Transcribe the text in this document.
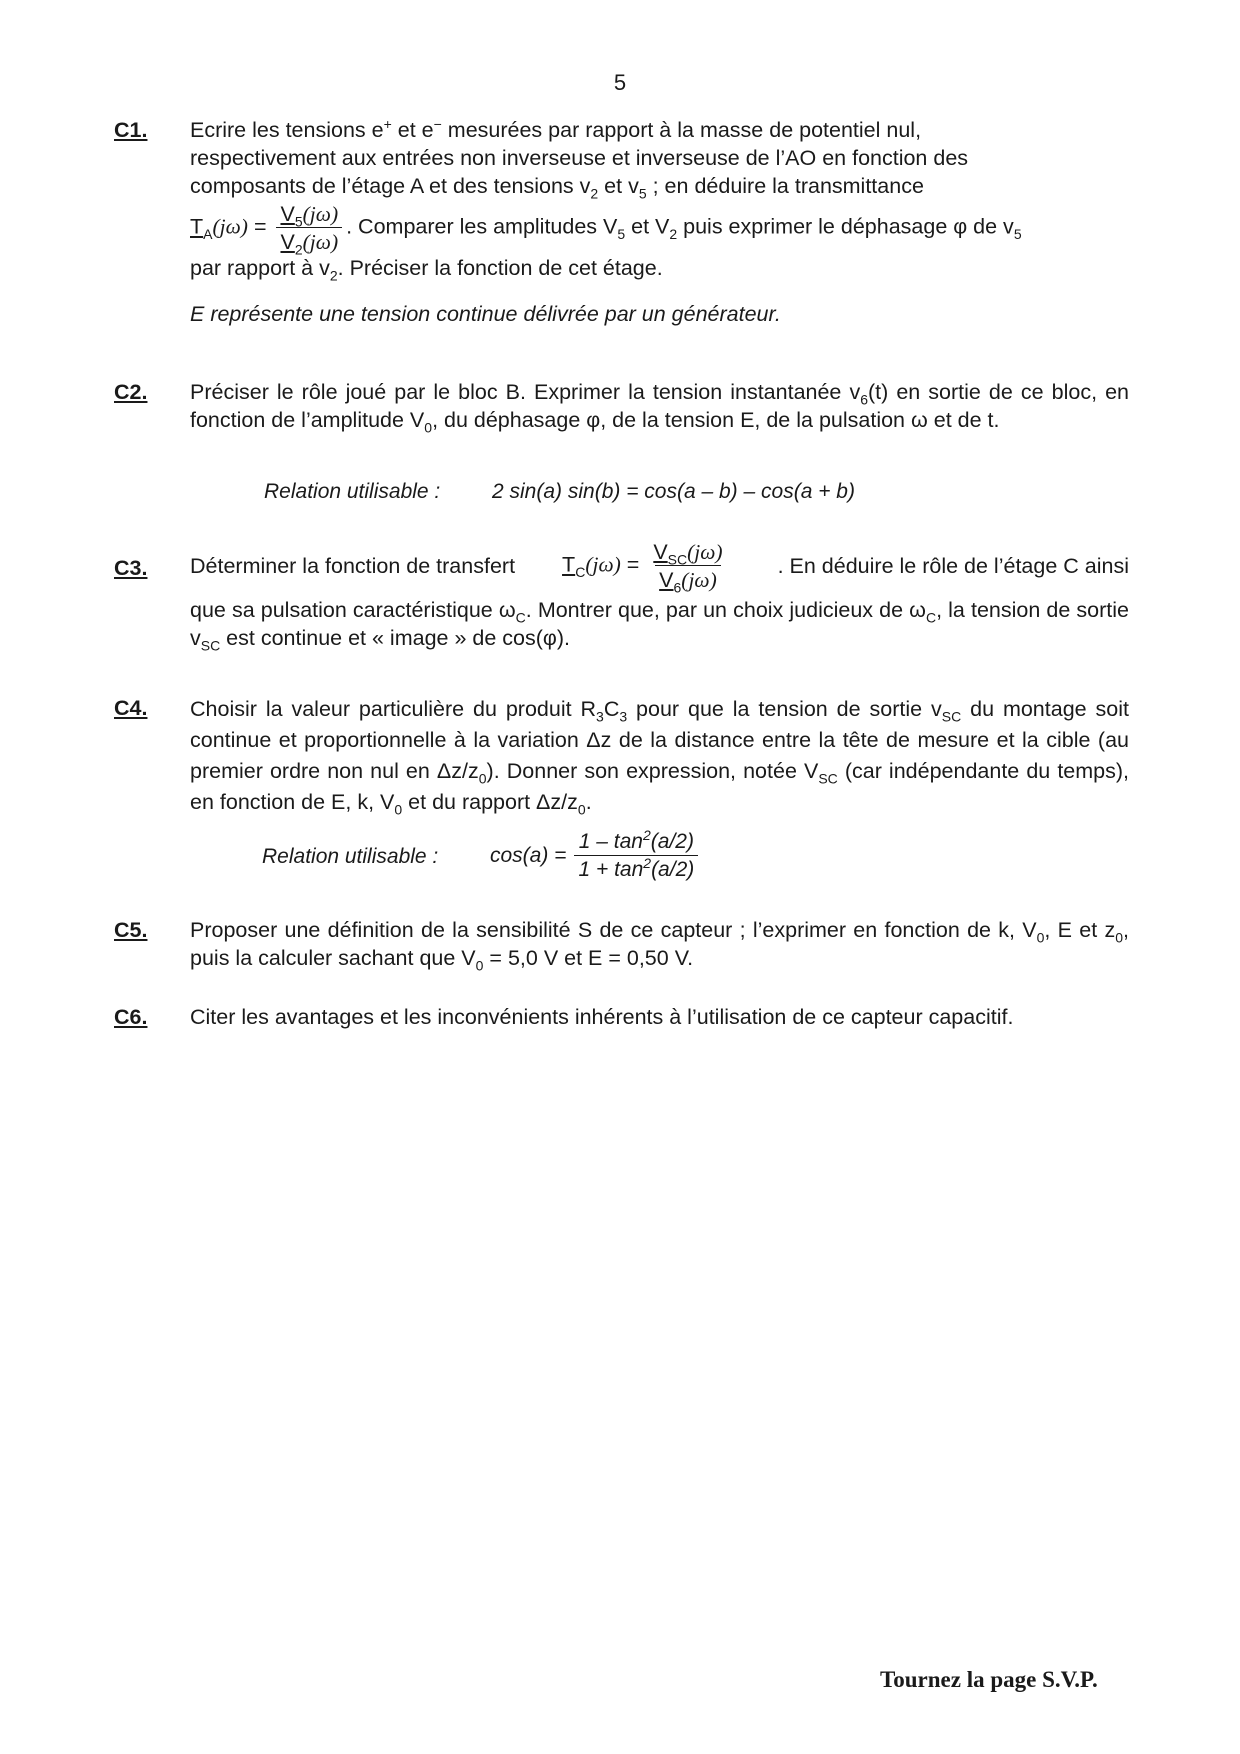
5
C1. Ecrire les tensions e+ et e− mesurées par rapport à la masse de potentiel nul,

respectivement aux entrées non inverseuse et inverseuse de l’AO en fonction des

composants de l’étage A et des tensions $v_2$ et $v_5$ ; en déduire la transmittance

$T_A(j\omega) = \frac{V_5(j\omega)}{V_2(j\omega)}$ . Comparer les amplitudes $V_5$ et $V_2$ puis exprimer le déphasage φ de $v_5$

par rapport à $v_2$. Préciser la fonction de cet étage.

E représente une tension continue délivrée par un générateur.

C2. Préciser le rôle joué par le bloc B. Exprimer la tension instantanée $v_6(t)$ en sortie de ce bloc, en fonction de l’amplitude $V_0$, du déphasage φ, de la tension E, de la pulsation ω et de t.

Relation utilisable : 2 sin(a) sin(b) = cos(a – b) – cos(a + b)
C3. Déterminer la fonction de transfert $T_C(j\omega) = \frac{V_{SC}(j\omega)}{V_6(j\omega)}$ . En déduire le rôle de l’étage C ainsi

que sa pulsation caractéristique $\omega_C$. Montrer que, par un choix judicieux de $\omega_C$, la tension de sortie $v_{SC}$ est continue et « image » de cos(φ).

C4. Choisir la valeur particulière du produit $R_3C_3$ pour que la tension de sortie $v_{SC}$ du montage soit continue et proportionnelle à la variation Δz de la distance entre la tête de mesure et la cible (au premier ordre non nul en $\Delta z/z_0$). Donner son expression, notée $V_{SC}$ (car indépendante du temps), en fonction de E, k, $V_0$ et du rapport $\Delta z/z_0$.

Relation utilisable : $\cos(a) = \frac{1 - \tan^2(a/2)}{1 + \tan^2(a/2)}$
C5. Proposer une définition de la sensibilité S de ce capteur ; l’exprimer en fonction de k, $V_0$, E et $z_0$, puis la calculer sachant que $V_0 = 5,0$ V et E = 0,50 V.

C6. Citer les avantages et les inconvénients inhérents à l’utilisation de ce capteur capacitif.

Tournez la page S.V.P.
